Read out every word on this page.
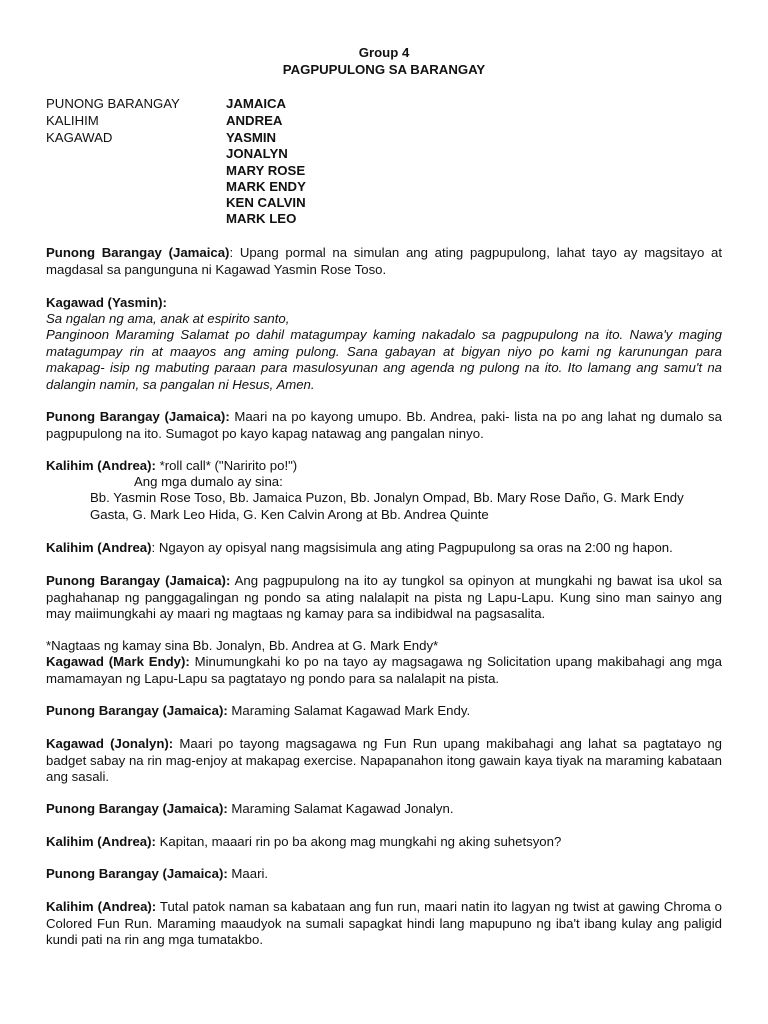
Group 4
PAGPUPULONG SA BARANGAY
PUNONG BARANGAY
KALIHIM
KAGAWAD
JAMAICA
ANDREA
YASMIN
JONALYN
MARY ROSE
MARK ENDY
KEN CALVIN
MARK LEO
Punong Barangay (Jamaica): Upang pormal na simulan ang ating pagpupulong, lahat tayo ay magsitayo at magdasal sa pangunguna ni Kagawad Yasmin Rose Toso.
Kagawad (Yasmin):
Sa ngalan ng ama, anak at espirito santo,
Panginoon Maraming Salamat po dahil matagumpay kaming nakadalo sa pagpupulong na ito. Nawa'y maging matagumpay rin at maayos ang aming pulong. Sana gabayan at bigyan niyo po kami ng karunungan para makapag- isip ng mabuting paraan para masulosyunan ang agenda ng pulong na ito. Ito lamang ang samu't na dalangin namin, sa pangalan ni Hesus, Amen.
Punong Barangay (Jamaica): Maari na po kayong umupo. Bb. Andrea, paki- lista na po ang lahat ng dumalo sa pagpupulong na ito. Sumagot po kayo kapag natawag ang pangalan ninyo.
Kalihim (Andrea): *roll call* ("Naririto po!")
Ang mga dumalo ay sina:
Bb. Yasmin Rose Toso, Bb. Jamaica Puzon, Bb. Jonalyn Ompad, Bb. Mary Rose Daño, G. Mark Endy Gasta, G. Mark Leo Hida, G. Ken Calvin Arong at Bb. Andrea Quinte
Kalihim (Andrea): Ngayon ay opisyal nang magsisimula ang ating Pagpupulong sa oras na 2:00 ng hapon.
Punong Barangay (Jamaica): Ang pagpupulong na ito ay tungkol sa opinyon at mungkahi ng bawat isa ukol sa paghahanap ng panggagalingan ng pondo sa ating nalalapit na pista ng Lapu-Lapu. Kung sino man sainyo ang may maiimungkahi ay maari ng magtaas ng kamay para sa indibidwal na pagsasalita.
*Nagtaas ng kamay sina Bb. Jonalyn, Bb. Andrea at G. Mark Endy*
Kagawad (Mark Endy): Minumungkahi ko po na tayo ay magsagawa ng Solicitation upang makibahagi ang mga mamamayan ng Lapu-Lapu sa pagtatayo ng pondo para sa nalalapit na pista.
Punong Barangay (Jamaica): Maraming Salamat Kagawad Mark Endy.
Kagawad (Jonalyn): Maari po tayong magsagawa ng Fun Run upang makibahagi ang lahat sa pagtatayo ng badget sabay na rin mag-enjoy at makapag exercise. Napapanahon itong gawain kaya tiyak na maraming kabataan ang sasali.
Punong Barangay (Jamaica): Maraming Salamat Kagawad Jonalyn.
Kalihim (Andrea): Kapitan, maaari rin po ba akong mag mungkahi ng aking suhetsyon?
Punong Barangay (Jamaica): Maari.
Kalihim (Andrea): Tutal patok naman sa kabataan ang fun run, maari natin ito lagyan ng twist at gawing Chroma o Colored Fun Run. Maraming maaudyok na sumali sapagkat hindi lang mapupuno ng iba't ibang kulay ang paligid kundi pati na rin ang mga tumatakbo.
